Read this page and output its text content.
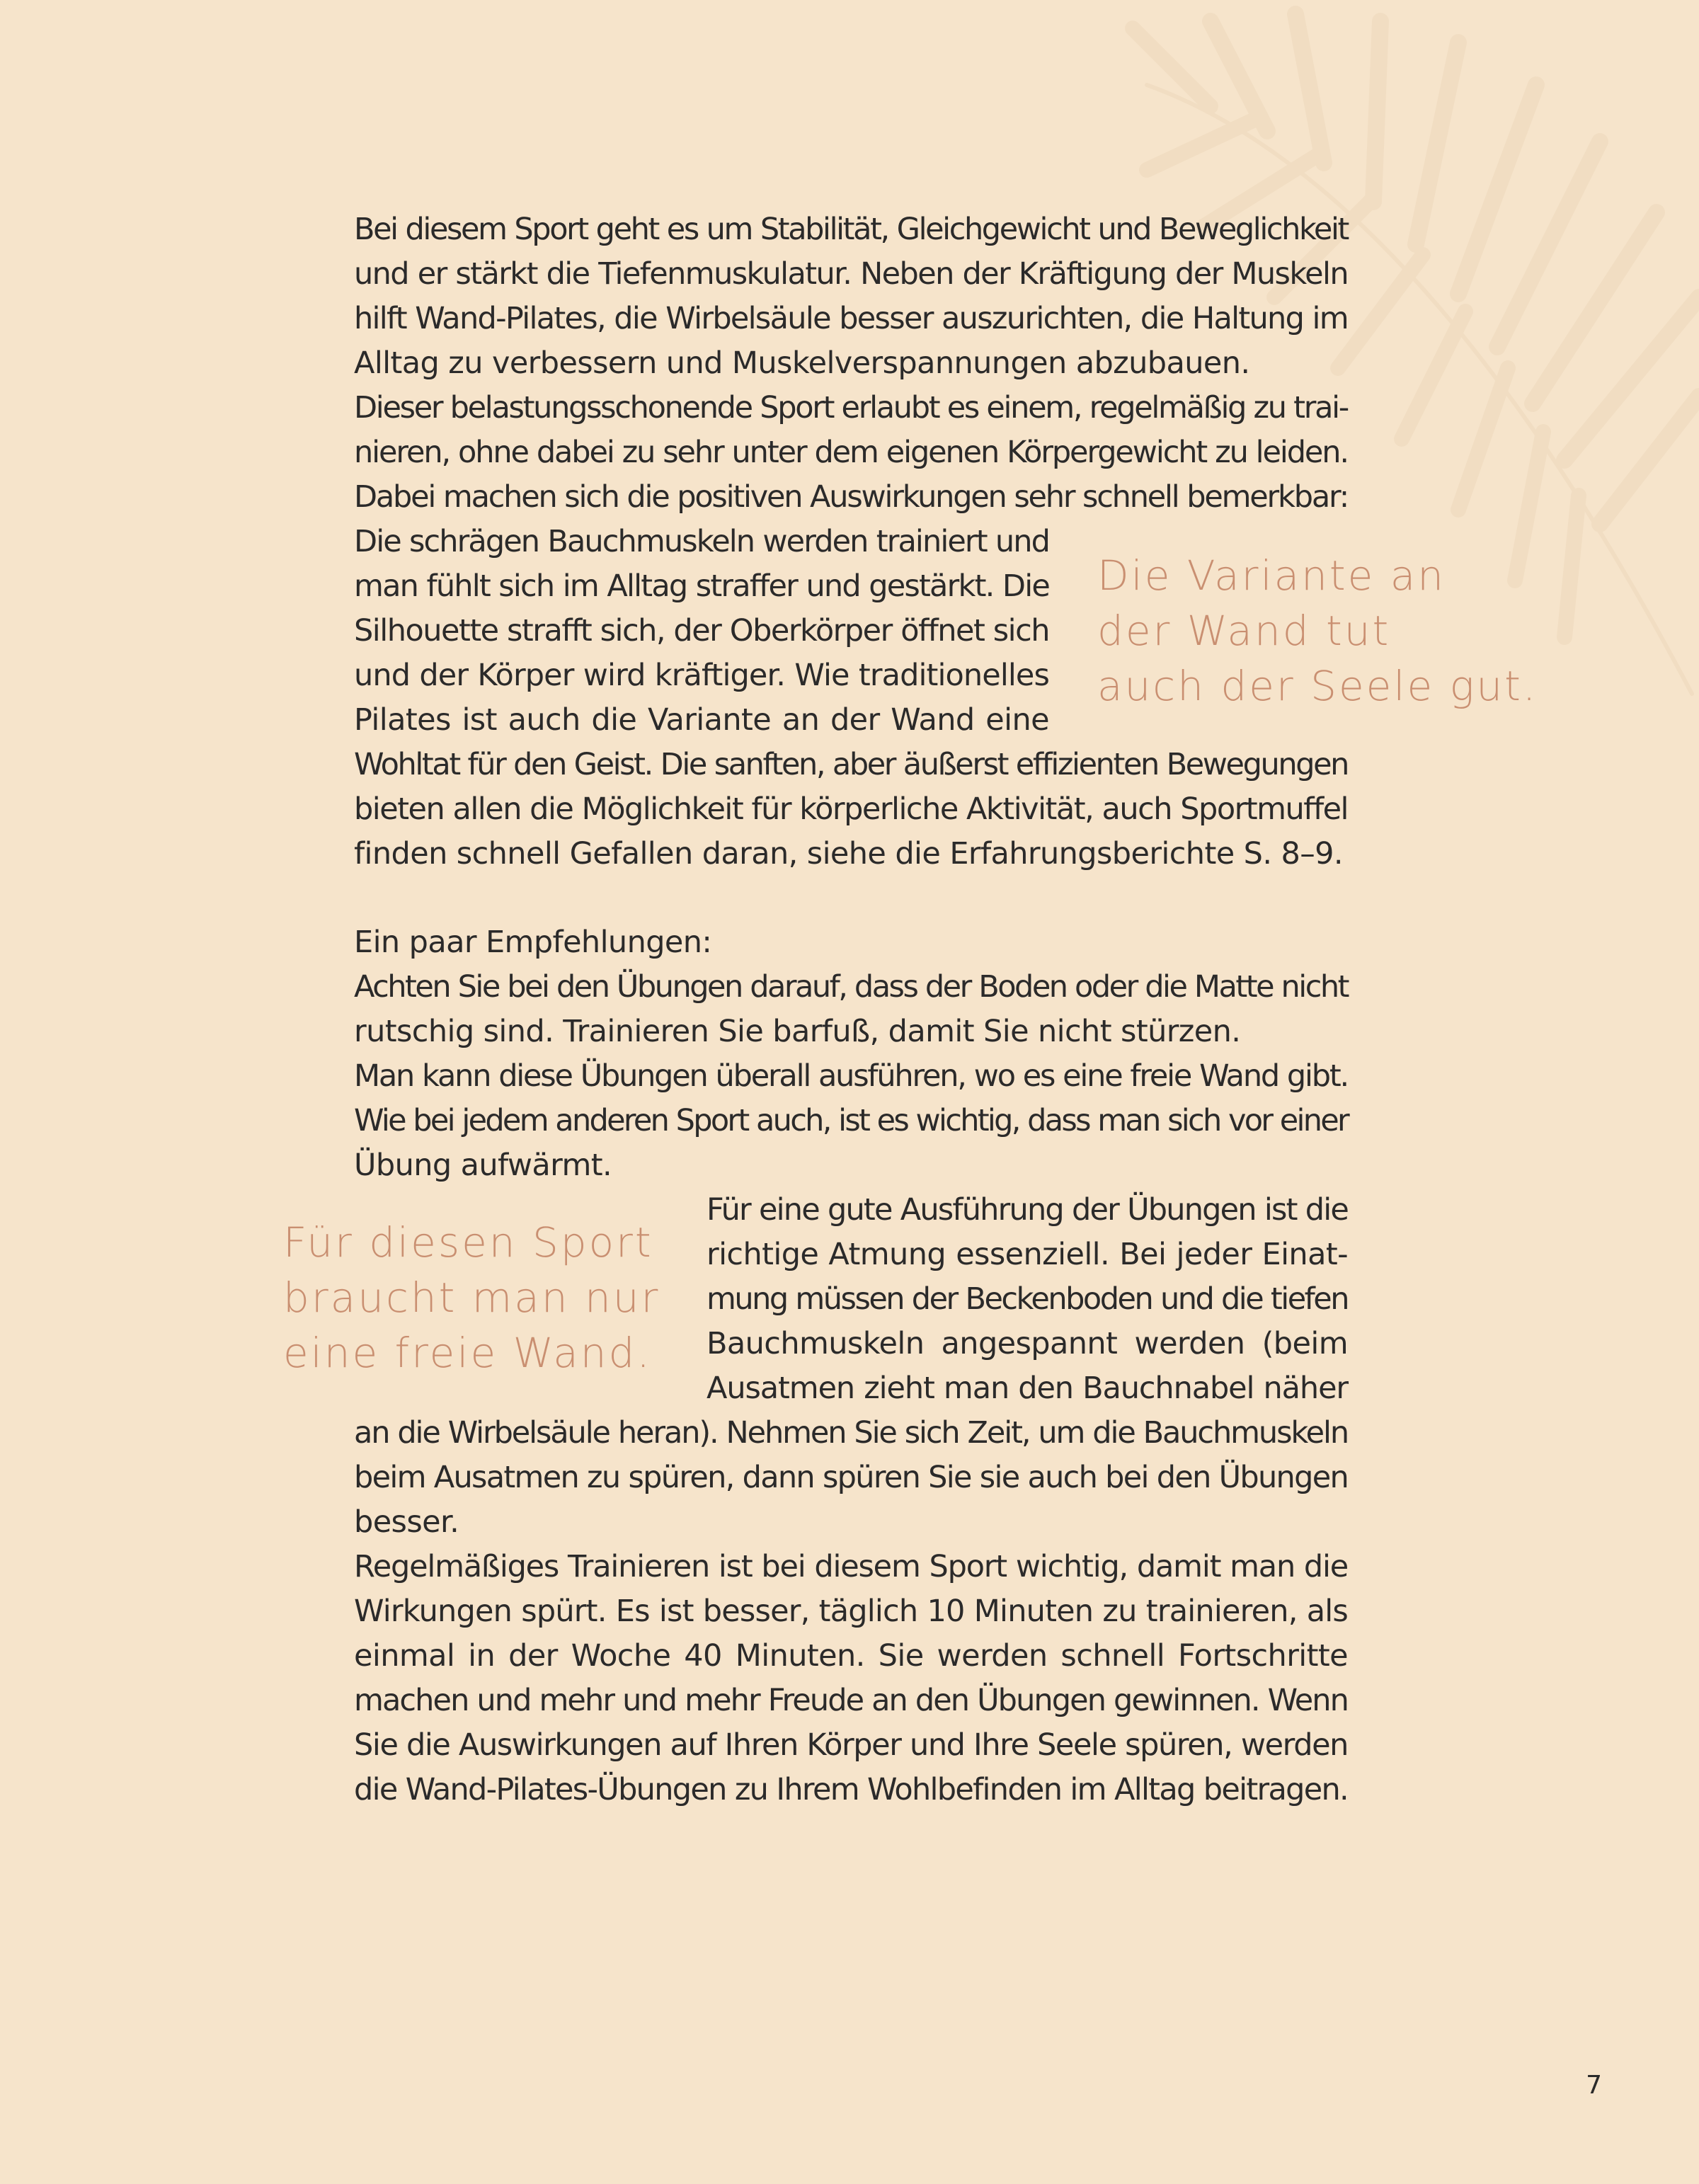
Bei diesem Sport geht es um Stabilität, Gleichgewicht und Beweglichkeit
und er stärkt die Tiefenmuskulatur. Neben der Kräftigung der Muskeln
hilft Wand-Pilates, die Wirbelsäule besser auszurichten, die Haltung im
Alltag zu verbessern und Muskelverspannungen abzubauen.
Dieser belastungsschonende Sport erlaubt es einem, regelmäßig zu trai-
nieren, ohne dabei zu sehr unter dem eigenen Körpergewicht zu leiden.
Dabei machen sich die positiven Auswirkungen sehr schnell bemerkbar:
Die schrägen Bauchmuskeln werden trainiert und
man fühlt sich im Alltag straffer und gestärkt. Die
Silhouette strafft sich, der Oberkörper öffnet sich
und der Körper wird kräftiger. Wie traditionelles
Pilates ist auch die Variante an der Wand eine
Wohltat für den Geist. Die sanften, aber äußerst effizienten Bewegungen
bieten allen die Möglichkeit für körperliche Aktivität, auch Sportmuffel
finden schnell Gefallen daran, siehe die Erfahrungsberichte S. 8–9.
Die Variante an
der Wand tut
auch der Seele gut.
Ein paar Empfehlungen:
Achten Sie bei den Übungen darauf, dass der Boden oder die Matte nicht
rutschig sind. Trainieren Sie barfuß, damit Sie nicht stürzen.
Man kann diese Übungen überall ausführen, wo es eine freie Wand gibt.
Wie bei jedem anderen Sport auch, ist es wichtig, dass man sich vor einer
Übung aufwärmt.
Für diesen Sport
braucht man nur
eine freie Wand.
Für eine gute Ausführung der Übungen ist die
richtige Atmung essenziell. Bei jeder Einat-
mung müssen der Beckenboden und die tiefen
Bauchmuskeln angespannt werden (beim
Ausatmen zieht man den Bauchnabel näher
an die Wirbelsäule heran). Nehmen Sie sich Zeit, um die Bauchmuskeln
beim Ausatmen zu spüren, dann spüren Sie sie auch bei den Übungen
besser.
Regelmäßiges Trainieren ist bei diesem Sport wichtig, damit man die
Wirkungen spürt. Es ist besser, täglich 10 Minuten zu trainieren, als
einmal in der Woche 40 Minuten. Sie werden schnell Fortschritte
machen und mehr und mehr Freude an den Übungen gewinnen. Wenn
Sie die Auswirkungen auf Ihren Körper und Ihre Seele spüren, werden
die Wand-Pilates-Übungen zu Ihrem Wohlbefinden im Alltag beitragen.
7
